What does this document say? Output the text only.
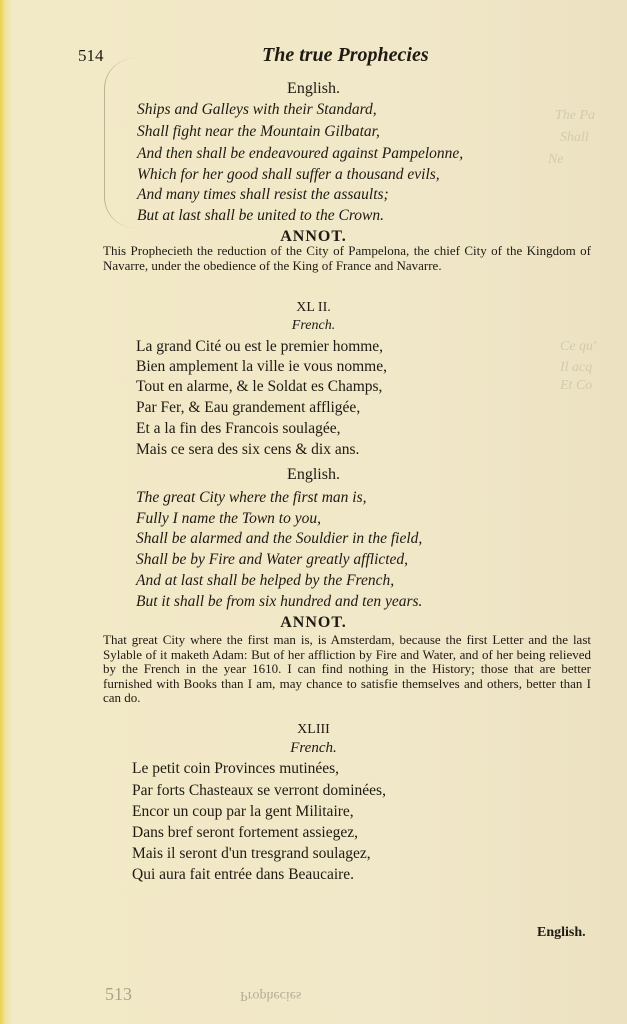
The Pa
Shall
Ne
Ce qu'
Il acq
Et Co
514	The true Prophecies
English.
Ships and Galleys with their Standard,
Shall fight near the Mountain Gilbatar,
And then shall be endeavoured against Pampelonne,
Which for her good shall suffer a thousand evils,
And many times shall resist the assaults;
But at last shall be united to the Crown.
ANNOT.
This Prophecieth the reduction of the City of Pampelona, the chief City of the Kingdom of Navarre, under the obedience of the King of France and Navarre.
XL II.
French.
La grand Cité ou est le premier homme,
Bien amplement la ville ie vous nomme,
Tout en alarme, & le Soldat es Champs,
Par Fer, & Eau grandement affligée,
Et a la fin des Francois soulagée,
Mais ce sera des six cens & dix ans.
English.
The great City where the first man is,
Fully I name the Town to you,
Shall be alarmed and the Souldier in the field,
Shall be by Fire and Water greatly afflicted,
And at last shall be helped by the French,
But it shall be from six hundred and ten years.
ANNOT.
That great City where the first man is, is Amsterdam, because the first Letter and the last Sylable of it maketh Adam: But of her affliction by Fire and Water, and of her being relieved by the French in the year 1610. I can find nothing in the History; those that are better furnished with Books than I am, may chance to satisfie themselves and others, better than I can do.
XLIII
French.
Le petit coin Provinces mutinées,
Par forts Chasteaux se verront dominées,
Encor un coup par la gent Militaire,
Dans bref seront fortement assiegez,
Mais il seront d'un tresgrand soulagez,
Qui aura fait entrée dans Beaucaire.
English.
513	Prophecies
